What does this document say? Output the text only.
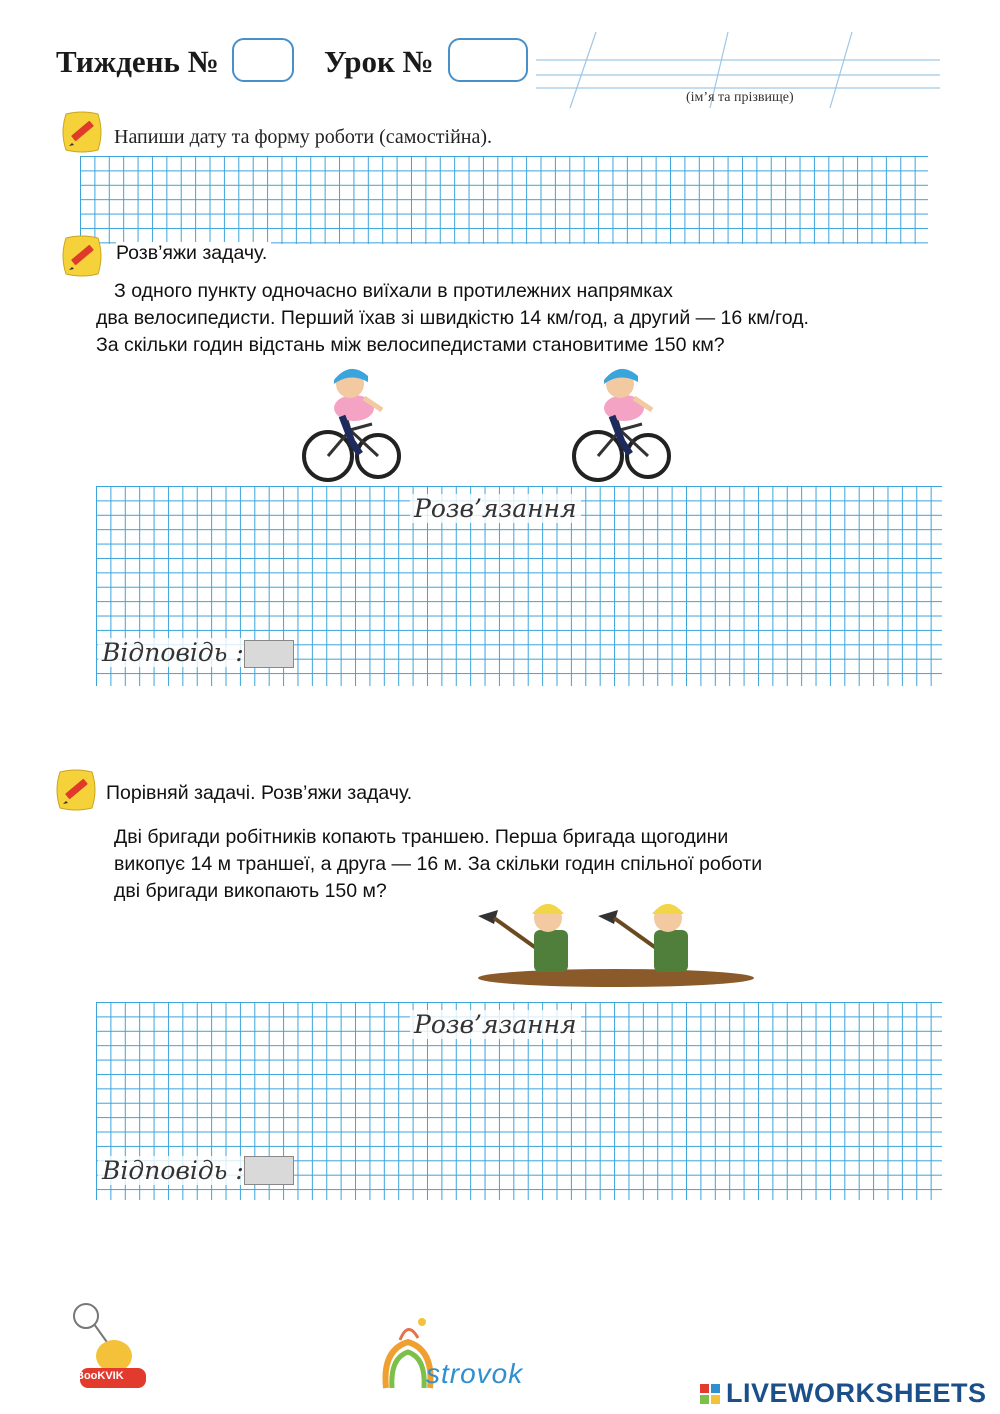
Тиждень №	Урок №
(ім’я та прізвище)
Напиши дату та форму роботи (самостійна).
Розв’яжи задачу.
З одного пункту одночасно виїхали в протилежних напрямках
два велосипедисти. Перший їхав зі швидкістю 14 км/год, а другий — 16 км/год.
За скільки годин відстань між велосипедистами становитиме 150 км?
Розв’язання
Відповідь :
Порівняй задачі. Розв’яжи задачу.
Дві бригади робітників копають траншею. Перша бригада щогодини
викопує 14 м траншеї, а друга — 16 м. За скільки годин спільної роботи
дві бригади викопають 150 м?
Розв’язання
Відповідь :
BooKVIK	strovok
LIVEWORKSHEETS
